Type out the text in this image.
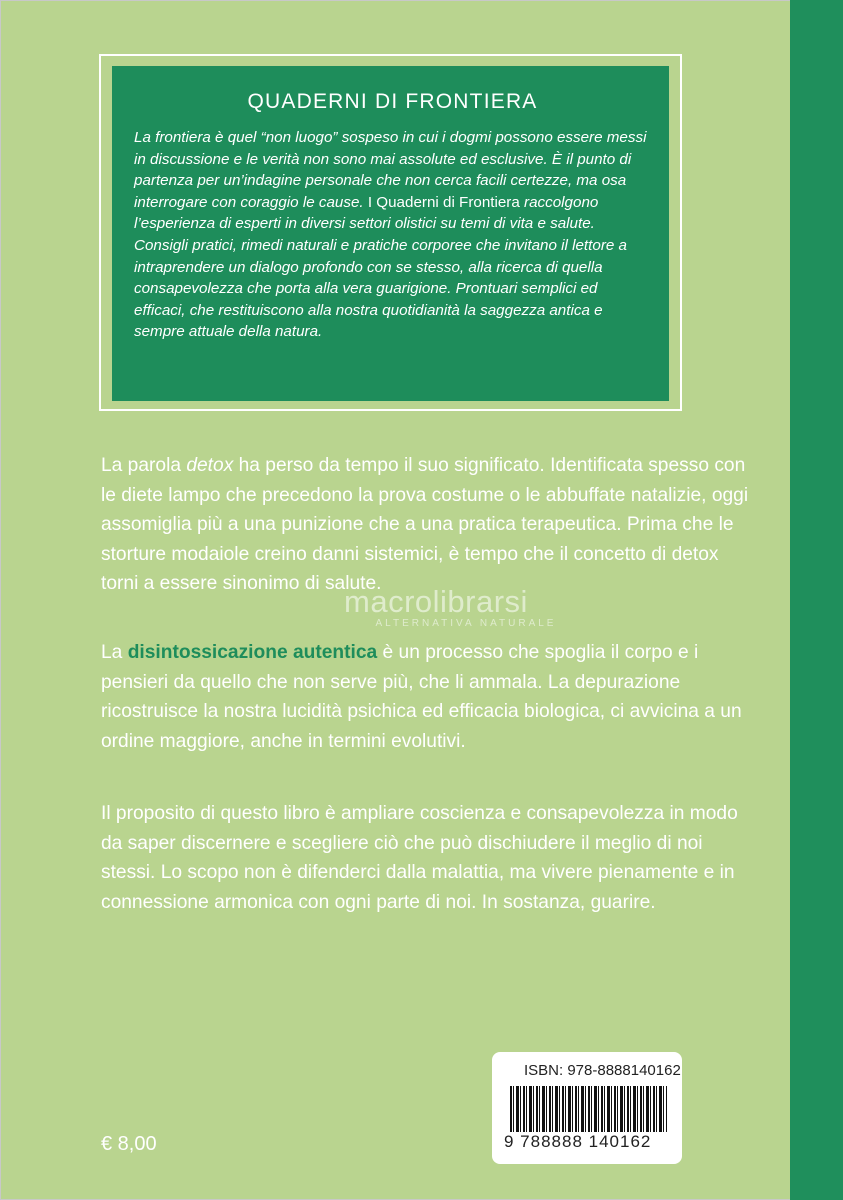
QUADERNI DI FRONTIERA

La frontiera è quel “non luogo” sospeso in cui i dogmi possono essere messi in discussione e le verità non sono mai assolute ed esclusive. È il punto di partenza per un’indagine personale che non cerca facili certezze, ma osa interrogare con coraggio le cause. I Quaderni di Frontiera raccolgono l’esperienza di esperti in diversi settori olistici su temi di vita e salute. Consigli pratici, rimedi naturali e pratiche corporee che invitano il lettore a intraprendere un dialogo profondo con se stesso, alla ricerca di quella consapevolezza che porta alla vera guarigione. Prontuari semplici ed efficaci, che restituiscono alla nostra quotidianità la saggezza antica e sempre attuale della natura.

La parola detox ha perso da tempo il suo significato. Identificata spesso con le diete lampo che precedono la prova costume o le abbuffate natalizie, oggi assomiglia più a una punizione che a una pratica terapeutica. Prima che le storture modaiole creino danni sistemici, è tempo che il concetto di detox torni a essere sinonimo di salute.

macrolibrarsi
ALTERNATIVA NATURALE

La disintossicazione autentica è un processo che spoglia il corpo e i pensieri da quello che non serve più, che li ammala. La depurazione ricostruisce la nostra lucidità psichica ed efficacia biologica, ci avvicina a un ordine maggiore, anche in termini evolutivi.

Il proposito di questo libro è ampliare coscienza e consapevolezza in modo da saper discernere e scegliere ciò che può dischiudere il meglio di noi stessi. Lo scopo non è difenderci dalla malattia, ma vivere pienamente e in connessione armonica con ogni parte di noi. In sostanza, guarire.

ISBN: 978-8888140162
9 788888 140162
€ 8,00
